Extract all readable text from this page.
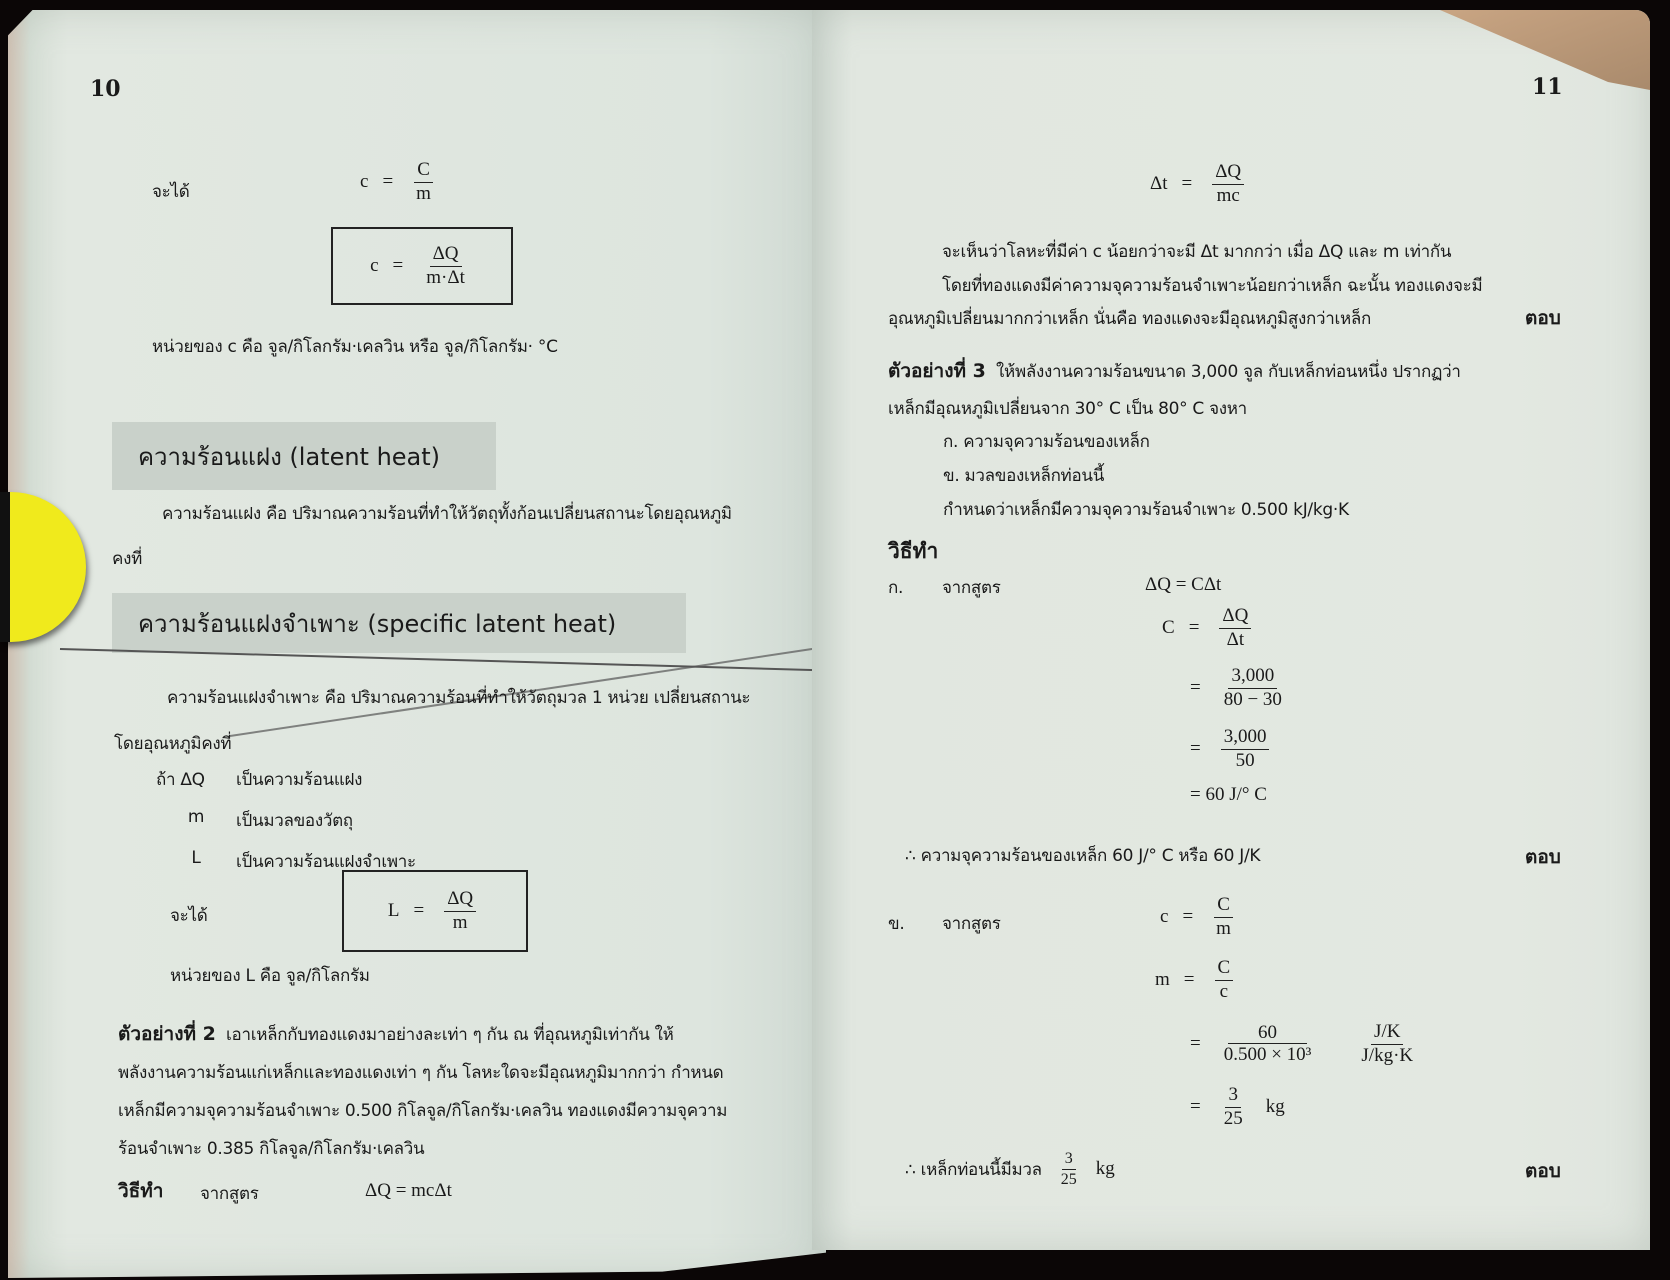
10
จะได้	$c = \frac{C}{m}$
$c = \frac{\Delta Q}{m\cdot\Delta t}$
หน่วยของ c คือ จูล/กิโลกรัม·เคลวิน หรือ จูล/กิโลกรัม· °C
ความร้อนแฝง (latent heat)
ความร้อนแฝง คือ ปริมาณความร้อนที่ทำให้วัตถุทั้งก้อนเปลี่ยนสถานะโดยอุณหภูมิ
คงที่
ความร้อนแฝงจำเพาะ (specific latent heat)
ความร้อนแฝงจำเพาะ คือ ปริมาณความร้อนที่ทำให้วัตถุมวล 1 หน่วย เปลี่ยนสถานะ
โดยอุณหภูมิคงที่
ถ้า ΔQ	เป็นความร้อนแฝง
m	เป็นมวลของวัตถุ
L	เป็นความร้อนแฝงจำเพาะ
จะได้	$L = \frac{\Delta Q}{m}$
หน่วยของ L คือ จูล/กิโลกรัม
ตัวอย่างที่ 2 เอาเหล็กกับทองแดงมาอย่างละเท่า ๆ กัน ณ ที่อุณหภูมิเท่ากัน ให้
พลังงานความร้อนแก่เหล็กและทองแดงเท่า ๆ กัน โลหะใดจะมีอุณหภูมิมากกว่า กำหนด
เหล็กมีความจุความร้อนจำเพาะ 0.500 กิโลจูล/กิโลกรัม·เคลวิน ทองแดงมีความจุความ
ร้อนจำเพาะ 0.385 กิโลจูล/กิโลกรัม·เคลวิน
วิธีทำ จากสูตร	ΔQ = mcΔt
11
$\Delta t = \frac{\Delta Q}{mc}$
จะเห็นว่าโลหะที่มีค่า c น้อยกว่าจะมี Δt มากกว่า เมื่อ ΔQ และ m เท่ากัน
โดยที่ทองแดงมีค่าความจุความร้อนจำเพาะน้อยกว่าเหล็ก ฉะนั้น ทองแดงจะมี
อุณหภูมิเปลี่ยนมากกว่าเหล็ก นั่นคือ ทองแดงจะมีอุณหภูมิสูงกว่าเหล็ก	ตอบ
ตัวอย่างที่ 3 ให้พลังงานความร้อนขนาด 3,000 จูล กับเหล็กท่อนหนึ่ง ปรากฏว่า
เหล็กมีอุณหภูมิเปลี่ยนจาก 30° C เป็น 80° C จงหา
ก. ความจุความร้อนของเหล็ก
ข. มวลของเหล็กท่อนนี้
กำหนดว่าเหล็กมีความจุความร้อนจำเพาะ 0.500 kJ/kg·K
วิธีทำ
ก. จากสูตร	ΔQ = CΔt
$C = \frac{\Delta Q}{\Delta t}$
= $\frac{3,000}{80 - 30}$
= $\frac{3,000}{50}$
= 60 J/° C
∴ ความจุความร้อนของเหล็ก 60 J/° C หรือ 60 J/K	ตอบ
ข. จากสูตร	$c = \frac{C}{m}$
$m = \frac{C}{c}$
= $\frac{60}{\text{0.500 × 10³}} \frac{J/K}{J/kg\cdot K}$
= $\frac{3}{25}$ kg
∴ เหล็กท่อนนี้มีมวล $\frac{3}{25}$ kg	ตอบ
